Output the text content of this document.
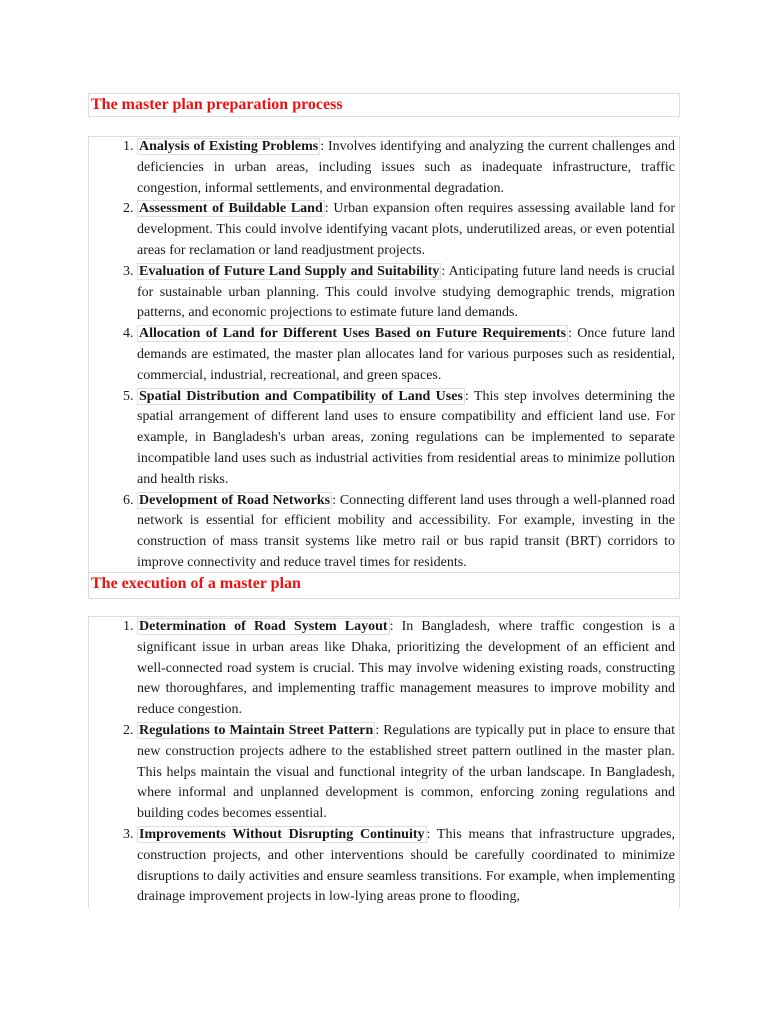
The master plan preparation process
1. Analysis of Existing Problems : Involves identifying and analyzing the current challenges and deficiencies in urban areas, including issues such as inadequate infrastructure, traffic congestion, informal settlements, and environmental degradation.
2. Assessment of Buildable Land : Urban expansion often requires assessing available land for development. This could involve identifying vacant plots, underutilized areas, or even potential areas for reclamation or land readjustment projects.
3. Evaluation of Future Land Supply and Suitability : Anticipating future land needs is crucial for sustainable urban planning. This could involve studying demographic trends, migration patterns, and economic projections to estimate future land demands.
4. Allocation of Land for Different Uses Based on Future Requirements : Once future land demands are estimated, the master plan allocates land for various purposes such as residential, commercial, industrial, recreational, and green spaces.
5. Spatial Distribution and Compatibility of Land Uses : This step involves determining the spatial arrangement of different land uses to ensure compatibility and efficient land use. For example, in Bangladesh's urban areas, zoning regulations can be implemented to separate incompatible land uses such as industrial activities from residential areas to minimize pollution and health risks.
6. Development of Road Networks : Connecting different land uses through a well-planned road network is essential for efficient mobility and accessibility. For example, investing in the construction of mass transit systems like metro rail or bus rapid transit (BRT) corridors to improve connectivity and reduce travel times for residents.
The execution of a master plan
1. Determination of Road System Layout : In Bangladesh, where traffic congestion is a significant issue in urban areas like Dhaka, prioritizing the development of an efficient and well-connected road system is crucial. This may involve widening existing roads, constructing new thoroughfares, and implementing traffic management measures to improve mobility and reduce congestion.
2. Regulations to Maintain Street Pattern : Regulations are typically put in place to ensure that new construction projects adhere to the established street pattern outlined in the master plan. This helps maintain the visual and functional integrity of the urban landscape. In Bangladesh, where informal and unplanned development is common, enforcing zoning regulations and building codes becomes essential.
3. Improvements Without Disrupting Continuity : This means that infrastructure upgrades, construction projects, and other interventions should be carefully coordinated to minimize disruptions to daily activities and ensure seamless transitions. For example, when implementing drainage improvement projects in low-lying areas prone to flooding,
